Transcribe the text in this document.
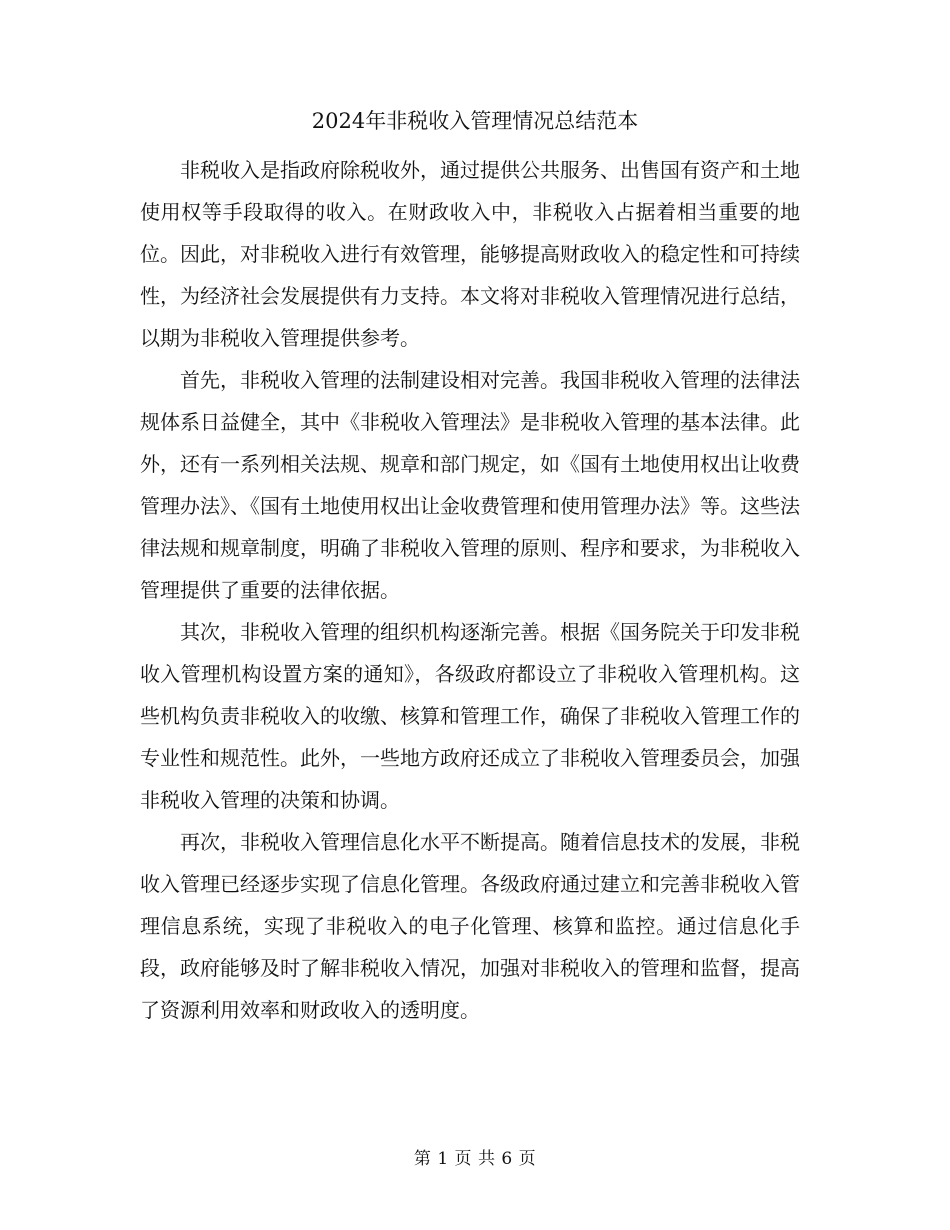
2024年非税收入管理情况总结范本

非税收入是指政府除税收外，通过提供公共服务、出售国有资产和土地使用权等手段取得的收入。在财政收入中，非税收入占据着相当重要的地位。因此，对非税收入进行有效管理，能够提高财政收入的稳定性和可持续性，为经济社会发展提供有力支持。本文将对非税收入管理情况进行总结，以期为非税收入管理提供参考。

首先，非税收入管理的法制建设相对完善。我国非税收入管理的法律法规体系日益健全，其中《非税收入管理法》是非税收入管理的基本法律。此外，还有一系列相关法规、规章和部门规定，如《国有土地使用权出让收费管理办法》、《国有土地使用权出让金收费管理和使用管理办法》等。这些法律法规和规章制度，明确了非税收入管理的原则、程序和要求，为非税收入管理提供了重要的法律依据。

其次，非税收入管理的组织机构逐渐完善。根据《国务院关于印发非税收入管理机构设置方案的通知》，各级政府都设立了非税收入管理机构。这些机构负责非税收入的收缴、核算和管理工作，确保了非税收入管理工作的专业性和规范性。此外，一些地方政府还成立了非税收入管理委员会，加强非税收入管理的决策和协调。

再次，非税收入管理信息化水平不断提高。随着信息技术的发展，非税收入管理已经逐步实现了信息化管理。各级政府通过建立和完善非税收入管理信息系统，实现了非税收入的电子化管理、核算和监控。通过信息化手段，政府能够及时了解非税收入情况，加强对非税收入的管理和监督，提高了资源利用效率和财政收入的透明度。

第 1 页 共 6 页
